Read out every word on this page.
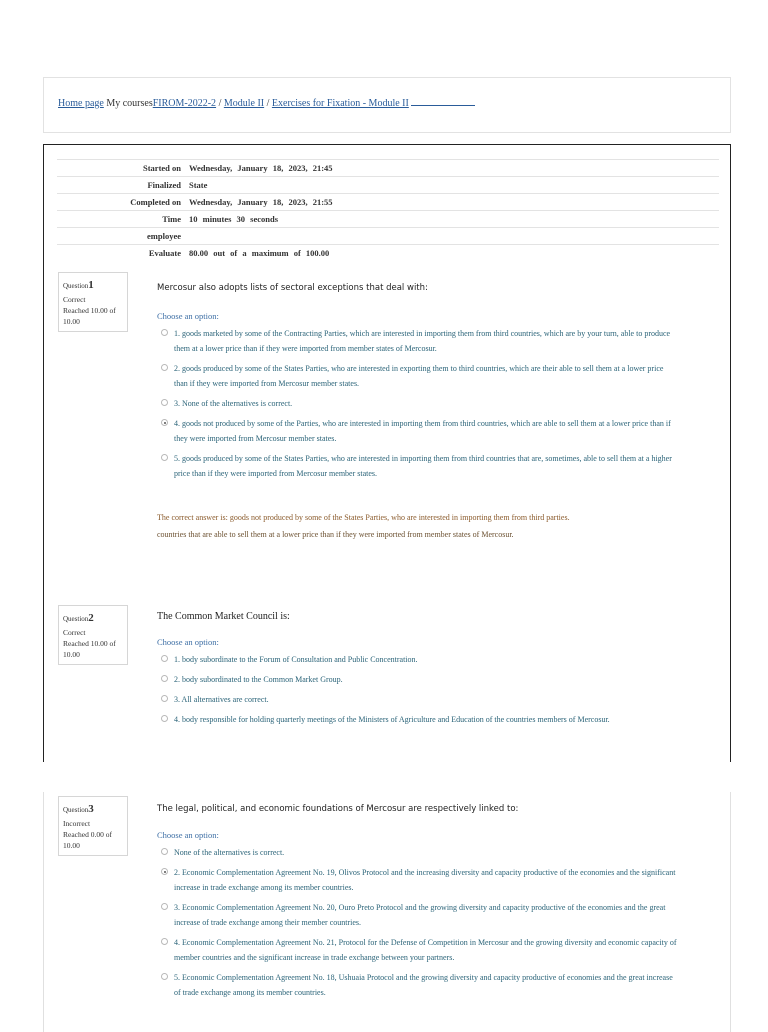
Home page My coursesFIROM-2022-2 / Module II / Exercises for Fixation - Module II
Started on	Wednesday, January 18, 2023, 21:45
Finalized	State
Completed on	Wednesday, January 18, 2023, 21:55
Time	10 minutes 30 seconds
employee	
Evaluate	80.00 out of a maximum of 100.00
Question1
Correct
Reached 10.00 of 10.00
Mercosur also adopts lists of sectoral exceptions that deal with:
Choose an option:
1. goods marketed by some of the Contracting Parties, which are interested in importing them from third countries, which are by your turn, able to produce them at a lower price than if they were imported from member states of Mercosur.
2. goods produced by some of the States Parties, who are interested in exporting them to third countries, which are their able to sell them at a lower price than if they were imported from Mercosur member states.
3. None of the alternatives is correct.
4. goods not produced by some of the Parties, who are interested in importing them from third countries, which are able to sell them at a lower price than if they were imported from Mercosur member states.
5. goods produced by some of the States Parties, who are interested in importing them from third countries that are, sometimes, able to sell them at a higher price than if they were imported from Mercosur member states.
The correct answer is: goods not produced by some of the States Parties, who are interested in importing them from third parties.
countries that are able to sell them at a lower price than if they were imported from member states of Mercosur.
Question2
Correct
Reached 10.00 of 10.00
The Common Market Council is:
Choose an option:
1. body subordinate to the Forum of Consultation and Public Concentration.
2. body subordinated to the Common Market Group.
3. All alternatives are correct.
4. body responsible for holding quarterly meetings of the Ministers of Agriculture and Education of the countries members of Mercosur.
Question3
Incorrect
Reached 0.00 of 10.00
The legal, political, and economic foundations of Mercosur are respectively linked to:
Choose an option:
None of the alternatives is correct.
2. Economic Complementation Agreement No. 19, Olivos Protocol and the increasing diversity and capacity productive of the economies and the significant increase in trade exchange among its member countries.
3. Economic Complementation Agreement No. 20, Ouro Preto Protocol and the growing diversity and capacity productive of the economies and the great increase of trade exchange among their member countries.
4. Economic Complementation Agreement No. 21, Protocol for the Defense of Competition in Mercosur and the growing diversity and economic capacity of member countries and the significant increase in trade exchange between your partners.
5. Economic Complementation Agreement No. 18, Ushuaia Protocol and the growing diversity and capacity productive of economies and the great increase of trade exchange among its member countries.
